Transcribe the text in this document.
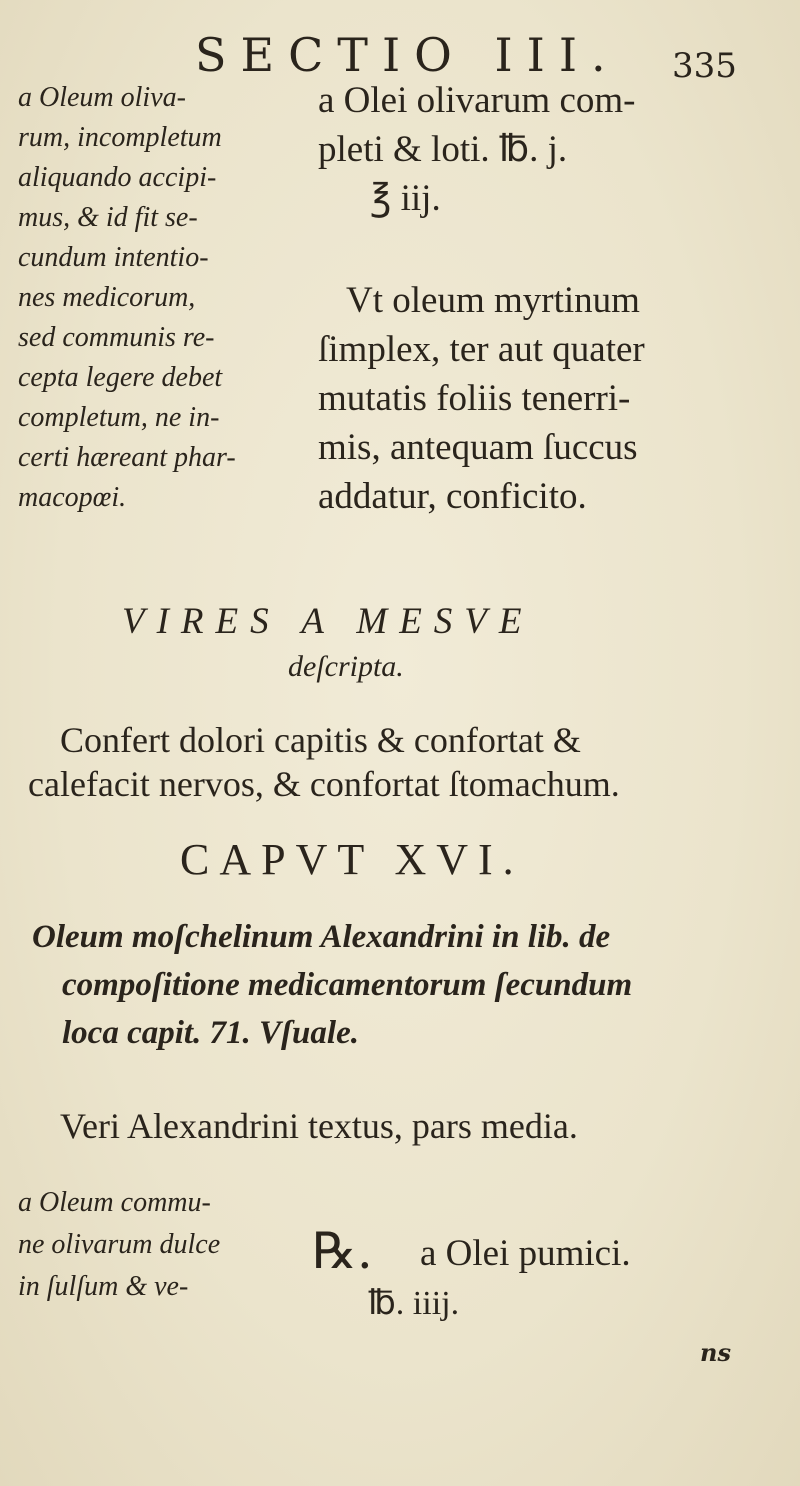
SECTIO III. 335
a Oleum oliva-
rum, incompletum
aliquando accipi-
mus, & id fit se-
cundum intentio-
nes medicorum,
sed communis re-
cepta legere debet
completum, ne in-
certi hæreant phar-
macopœi.
a Olei olivarum com-
pleti & loti. ℔. j.
℥ iij.
Vt oleum myrtinum
ſimplex, ter aut quater
mutatis foliis tenerri-
mis, antequam ſuccus
addatur, conficito.
VIRES A MESVE
deſcripta.
Confert dolori capitis & confortat &
calefacit nervos, & confortat ſtomachum.
CAPVT XVI.
Oleum moſchelinum Alexandrini in lib. de
compoſitione medicamentorum ſecundum
loca capit. 71. Vſuale.
Veri Alexandrini textus, pars media.
a Oleum commu-
ne olivarum dulce
in ſulſum & ve-
℞. a Olei pumici.
℔. iiij.
ns
